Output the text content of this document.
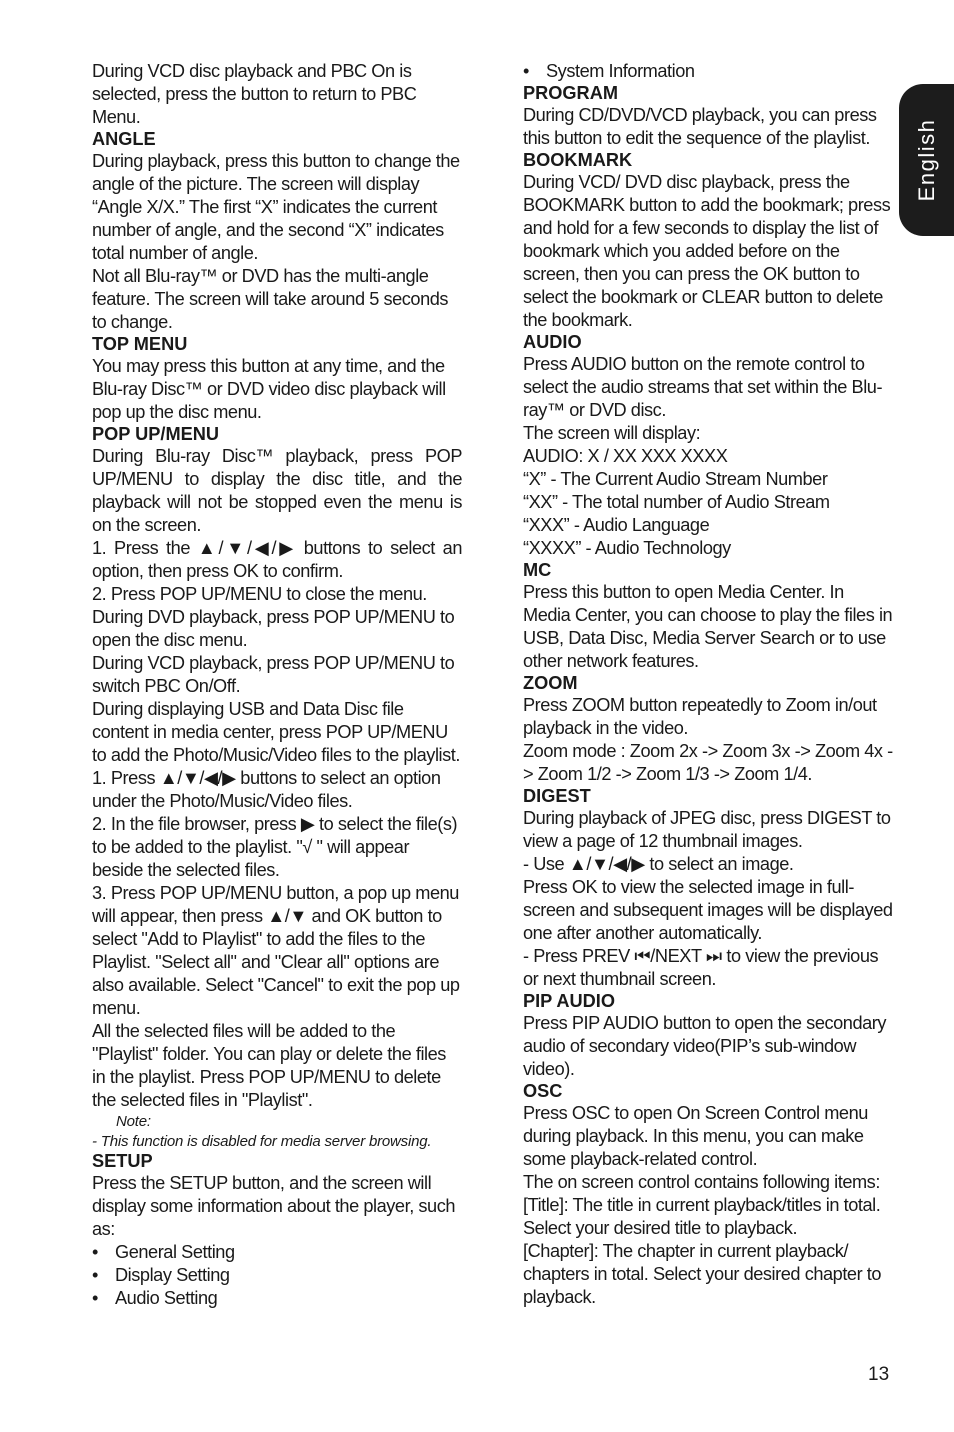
During VCD disc playback and PBC On is selected, press the button to return to PBC Menu.
ANGLE
During playback, press this button to change the angle of the picture. The screen will display “Angle X/X.” The first “X” indicates the current number of angle, and the second “X” indicates total number of angle.
Not all Blu-ray™ or DVD has the multi-angle feature. The screen will take around 5 seconds to change.
TOP MENU
You may press this button at any time, and the Blu-ray Disc™ or DVD video disc playback will pop up the disc menu.
POP UP/MENU
During Blu-ray Disc™ playback, press POP UP/MENU to display the disc title, and the playback will not be stopped even the menu is on the screen.
1. Press the ▲/▼/◀/▶ buttons to select an option, then press OK to confirm.
2. Press POP UP/MENU to close the menu.
During DVD playback, press POP UP/MENU to open the disc menu.
During VCD playback, press POP UP/MENU to switch PBC On/Off.
During displaying USB and Data Disc file content in media center, press POP UP/MENU to add the Photo/Music/Video files to the playlist.
1. Press ▲/▼/◀/▶ buttons to select an option under the Photo/Music/Video files.
2. In the file browser, press ▶ to select the file(s) to be added to the playlist. "√ " will appear beside the selected files.
3. Press POP UP/MENU button, a pop up menu will appear, then press ▲/▼ and OK button to select "Add to Playlist" to add the files to the Playlist. "Select all" and "Clear all" options are also available. Select "Cancel" to exit the pop up menu.
All the selected files will be added to the "Playlist" folder. You can play or delete the files in the playlist. Press POP UP/MENU to delete the selected files in "Playlist".
Note:
- This function is disabled for media server browsing.
SETUP
Press the SETUP button, and the screen will display some information about the player, such as:
• General Setting
• Display Setting
• Audio Setting
• System Information
PROGRAM
During CD/DVD/VCD playback, you can press this button to edit the sequence of the playlist.
BOOKMARK
During VCD/ DVD disc playback, press the BOOKMARK button to add the bookmark; press and hold for a few seconds to display the list of bookmark which you added before on the screen, then you can press the OK button to select the bookmark or CLEAR button to delete the bookmark.
AUDIO
Press AUDIO button on the remote control to select the audio streams that set within the Blu-ray™ or DVD disc.
The screen will display:
AUDIO: X / XX XXX XXXX
“X” - The Current Audio Stream Number
“XX” - The total number of Audio Stream
“XXX” - Audio Language
“XXXX” - Audio Technology
MC
Press this button to open Media Center. In Media Center, you can choose to play the files in USB, Data Disc, Media Server Search or to use other network features.
ZOOM
Press ZOOM button repeatedly to Zoom in/out playback in the video.
Zoom mode : Zoom 2x -> Zoom 3x -> Zoom 4x -> Zoom 1/2 -> Zoom 1/3 -> Zoom 1/4.
DIGEST
During playback of JPEG disc, press DIGEST to view a page of 12 thumbnail images.
- Use ▲/▼/◀/▶ to select an image.
Press OK to view the selected image in full-screen and subsequent images will be displayed one after another automatically.
- Press PREV ⏮/NEXT ⏭ to view the previous or next thumbnail screen.
PIP AUDIO
Press PIP AUDIO button to open the secondary audio of secondary video(PIP’s sub-window video).
OSC
Press OSC to open On Screen Control menu during playback. In this menu, you can make some playback-related control.
The on screen control contains following items:
[Title]: The title in current playback/titles in total. Select your desired title to playback.
[Chapter]: The chapter in current playback/ chapters in total. Select your desired chapter to playback.
English
13
